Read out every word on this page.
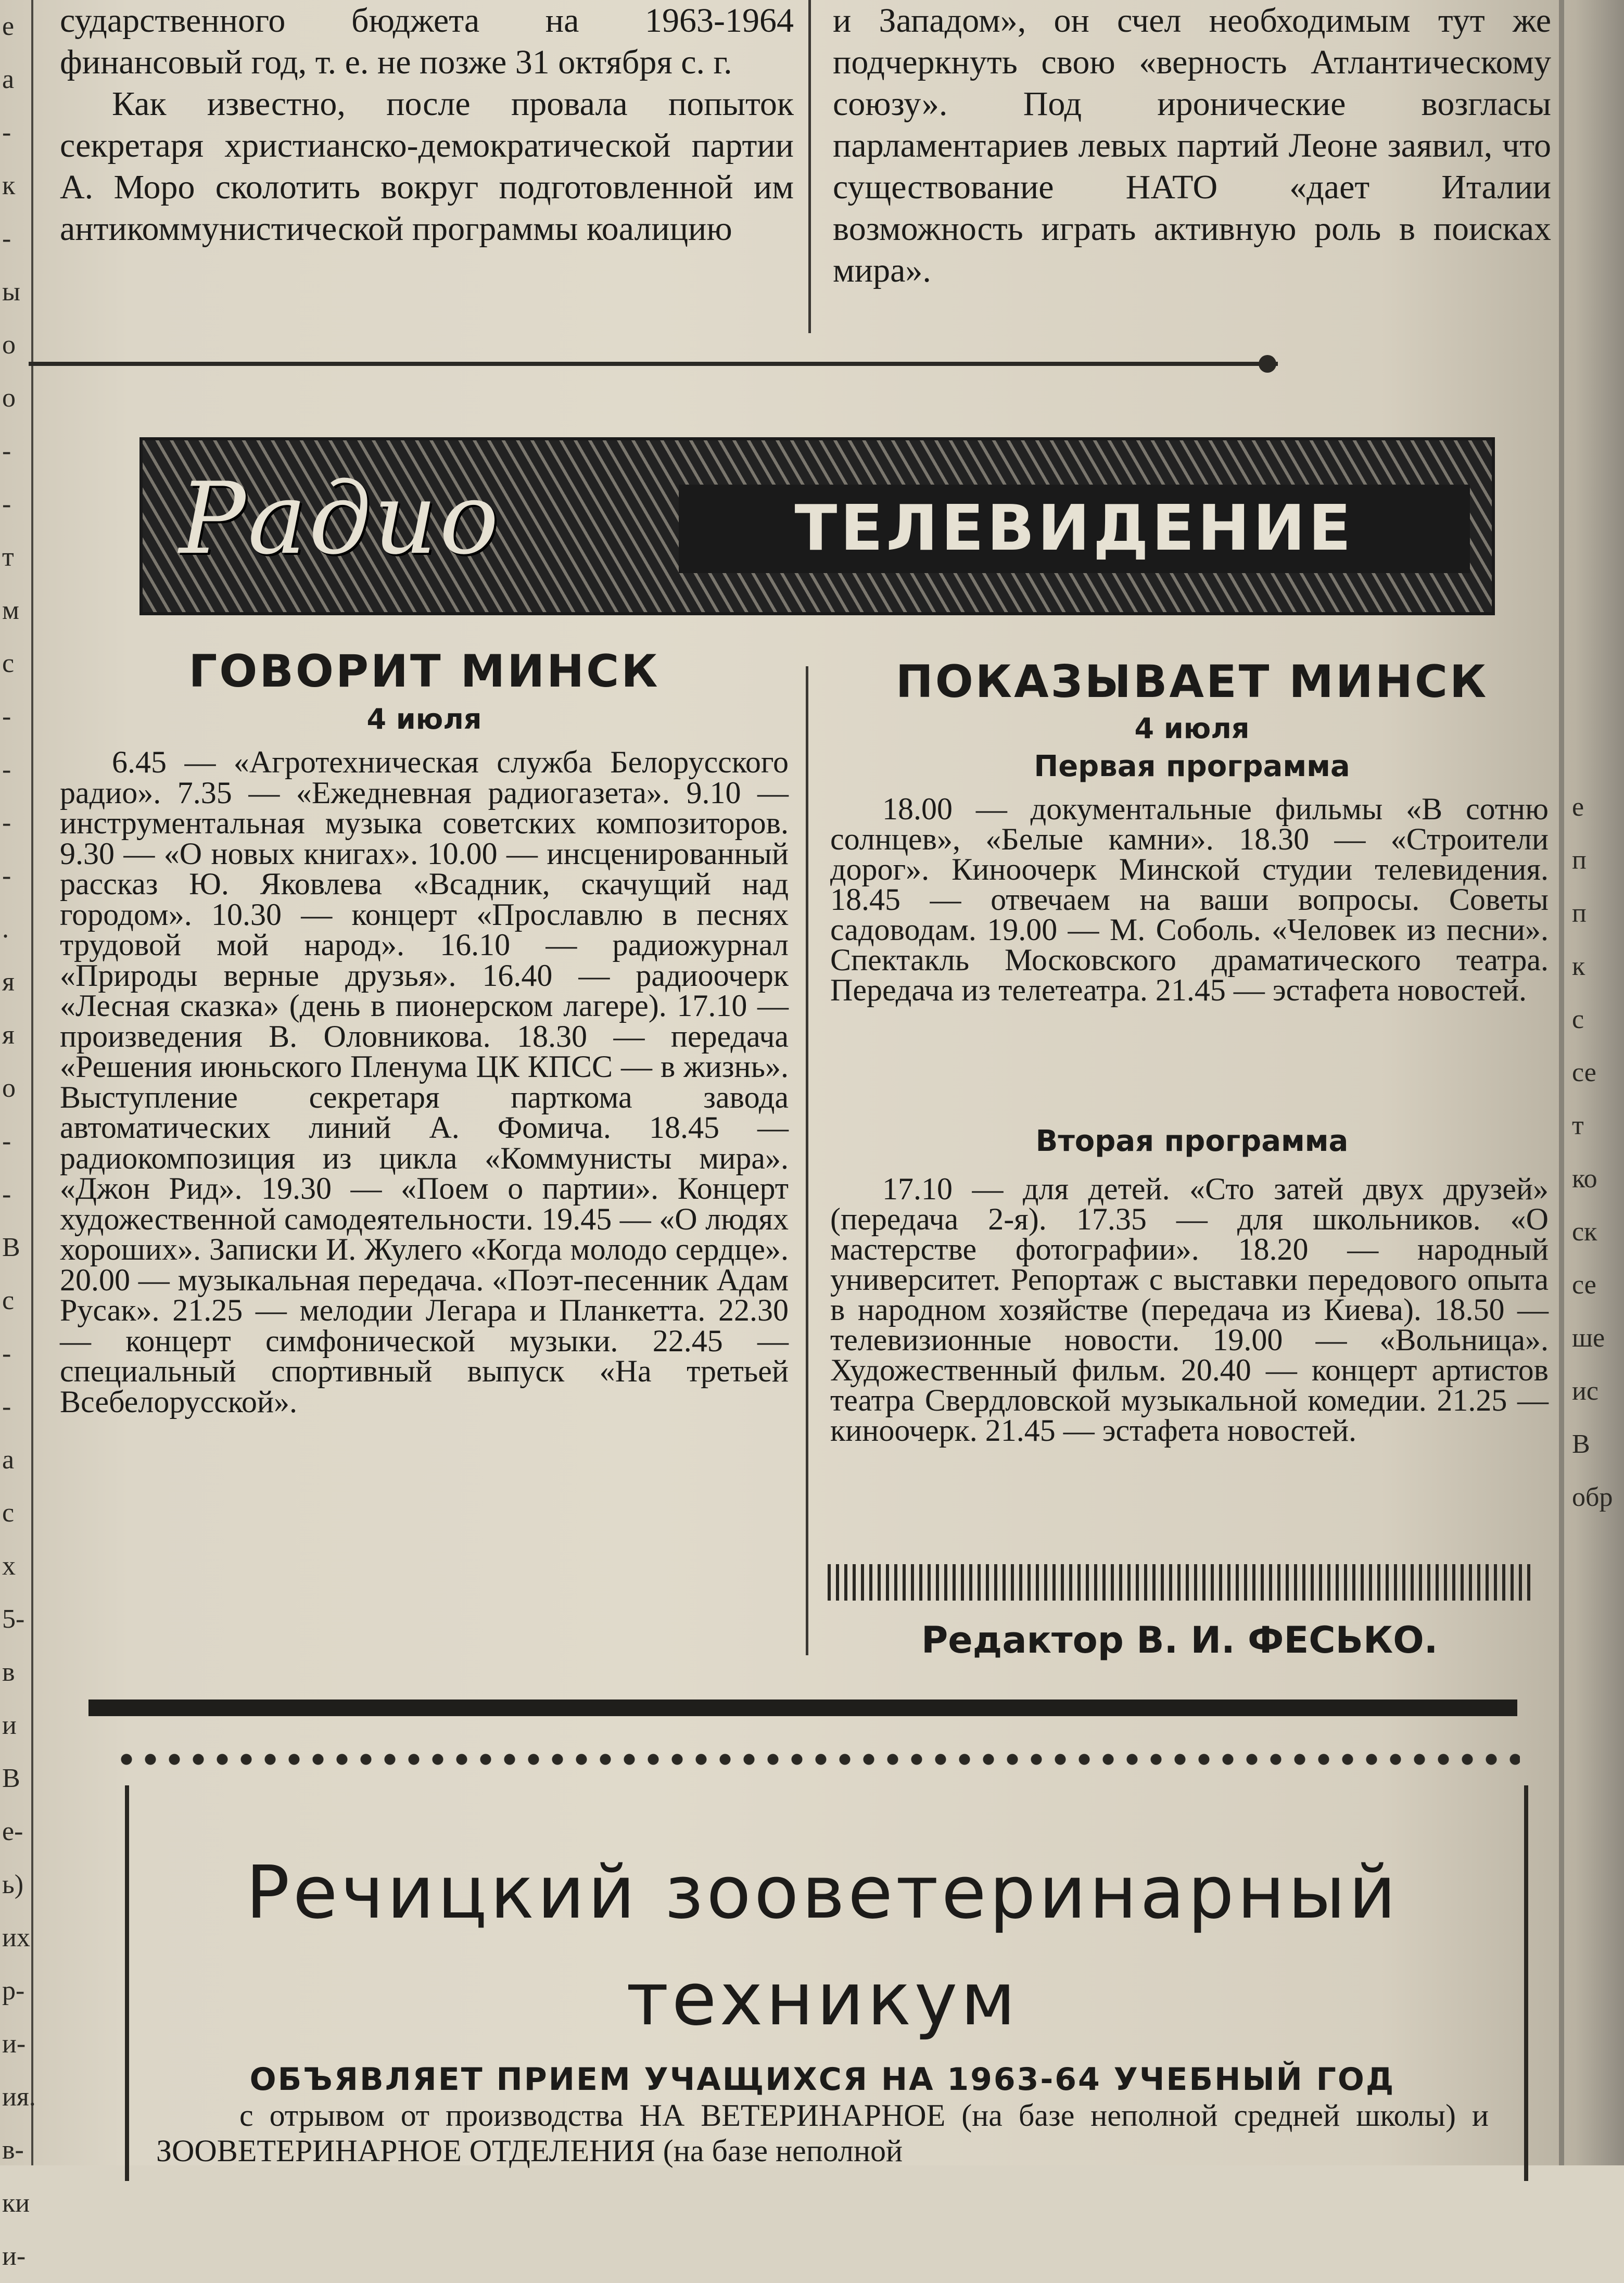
е
а
-
к
-
ы
о
о
-
-
т
м
с
-
-
-
-
.
я
я
о
-
-
В
с
-
-
а
с
х
5-
в
и
В
е-
ь)
их
р-
и-
ия.
в-
ки
и-
е
п
п
к
с
се
т
ко
ск
се
ше
ис
В
обр

сударственного бюджета на 1963-1964 финансовый год, т. е. не позже 31 октября с. г.

Как известно, после провала попыток секретаря христианско-демократической партии А. Моро сколотить вокруг подготовленной им антикоммунистической программы коалицию

и Западом», он счел необходимым тут же подчеркнуть свою «верность Атлантическому союзу». Под иронические возгласы парламентариев левых партий Леоне заявил, что существование НАТО «дает Италии возможность играть активную роль в поисках мира».

Радио	ТЕЛЕВИДЕНИЕ
ГОВОРИТ МИНСК
4 июля

6.45 — «Агротехническая служба Белорусского радио». 7.35 — «Ежедневная радиогазета». 9.10 — инструментальная музыка советских композиторов. 9.30 — «О новых книгах». 10.00 — инсценированный рассказ Ю. Яковлева «Всадник, скачущий над городом». 10.30 — концерт «Прославлю в песнях трудовой мой народ». 16.10 — радиожурнал «Природы верные друзья». 16.40 — радиоочерк «Лесная сказка» (день в пионерском лагере). 17.10 — произведения В. Оловникова. 18.30 — передача «Решения июньского Пленума ЦК КПСС — в жизнь». Выступление секретаря парткома завода автоматических линий А. Фомича. 18.45 — радиокомпозиция из цикла «Коммунисты мира». «Джон Рид». 19.30 — «Поем о партии». Концерт художественной самодеятельности. 19.45 — «О людях хороших». Записки И. Жулего «Когда молодо сердце». 20.00 — музыкальная передача. «Поэт-песенник Адам Русак». 21.25 — мелодии Легара и Планкетта. 22.30 — концерт симфонической музыки. 22.45 — специальный спортивный выпуск «На третьей Всебелорусской».

ПОКАЗЫВАЕТ МИНСК
4 июля
Первая программа

18.00 — документальные фильмы «В сотню солнцев», «Белые камни». 18.30 — «Строители дорог». Киноочерк Минской студии телевидения. 18.45 — отвечаем на ваши вопросы. Советы садоводам. 19.00 — М. Соболь. «Человек из песни». Спектакль Московского драматического театра. Передача из телетеатра. 21.45 — эстафета новостей.

Вторая программа

17.10 — для детей. «Сто затей двух друзей» (передача 2-я). 17.35 — для школьников. «О мастерстве фотографии». 18.20 — народный университет. Репортаж с выставки передового опыта в народном хозяйстве (передача из Киева). 18.50 — телевизионные новости. 19.00 — «Вольница». Художественный фильм. 20.40 — концерт артистов театра Свердловской музыкальной комедии. 21.25 — киноочерк. 21.45 — эстафета новостей.

Редактор В. И. ФЕСЬКО.
Речицкий зооветеринарный
техникум
ОБЪЯВЛЯЕТ ПРИЕМ УЧАЩИХСЯ НА 1963-64 УЧЕБНЫЙ ГОД

с отрывом от производства НА ВЕТЕРИНАРНОЕ (на базе неполной средней школы) и ЗООВЕТЕРИНАРНОЕ ОТДЕЛЕНИЯ (на базе неполной
